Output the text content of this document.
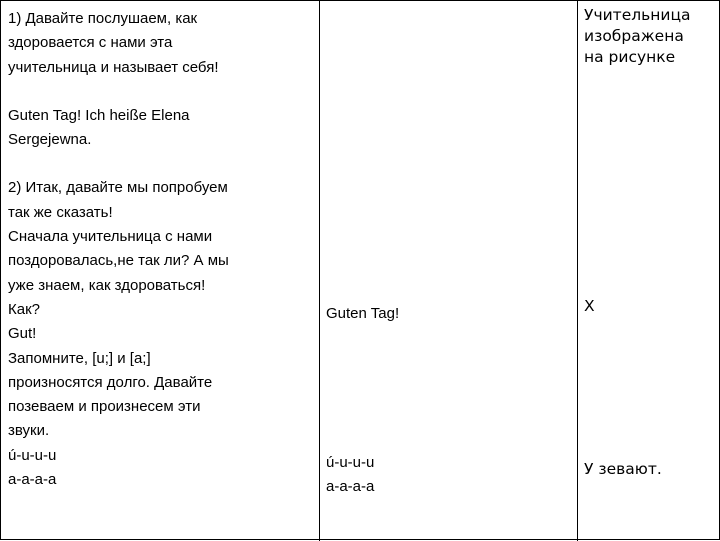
1) Давайте послушаем, как
здоровается с нами эта
учительница и называет себя!
Guten Tag! Ich heiße Elena
Sergejewna.
2) Итак, давайте мы попробуем
так же сказать!
Сначала учительница с нами
поздоровалась,не так ли? А мы
уже знаем, как здороваться!
Как?
Gut!
Запомните, [u;] и [a;]
произносятся долго. Давайте
позеваем и произнесем эти
звуки.
ú-u-u-u
a-a-a-a
Guten Tag!
ú-u-u-u
a-a-a-a
Учительница
изображена
на рисунке
X
У зевают.
